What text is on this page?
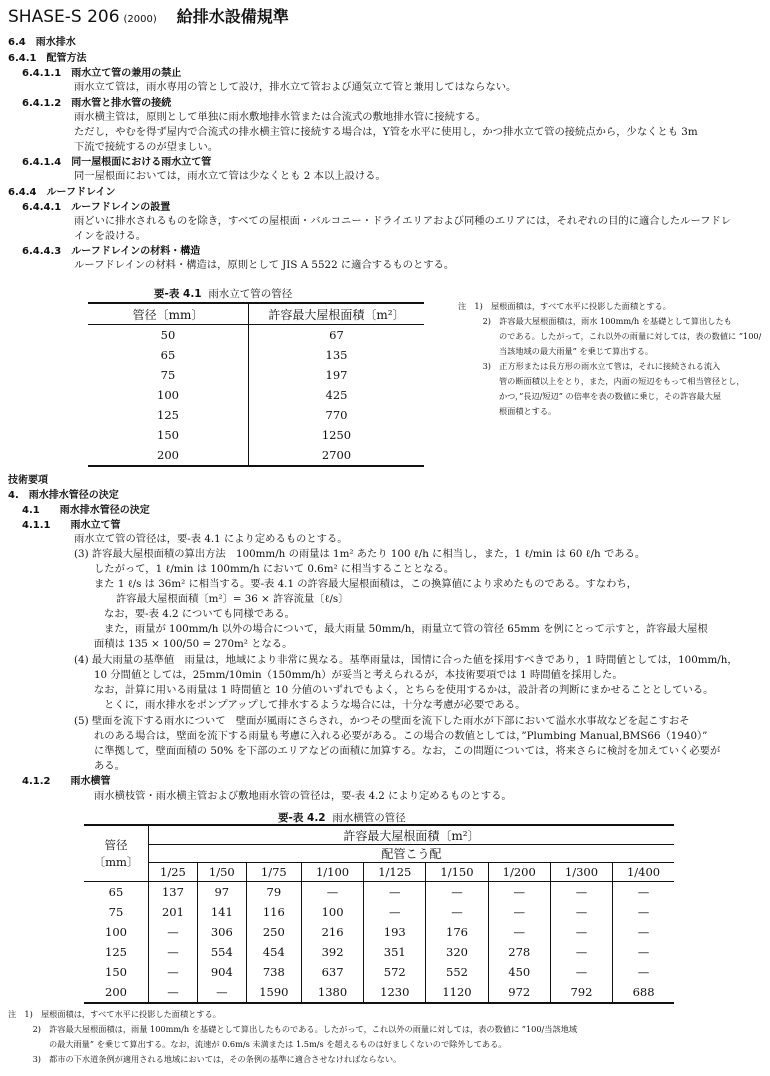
SHASE-S 206 (2000) 給排水設備規準
6.4　雨水排水
6.4.1　配管方法
6.4.1.1　雨水立て管の兼用の禁止
雨水立て管は，雨水専用の管として設け，排水立て管および通気立て管と兼用してはならない。
6.4.1.2　雨水管と排水管の接続
雨水横主管は，原則として単独に雨水敷地排水管または合流式の敷地排水管に接続する。
ただし，やむを得ず屋内で合流式の排水横主管に接続する場合は，Y管を水平に使用し，かつ排水立て管の接続点から，少なくとも 3m
下流で接続するのが望ましい。
6.4.1.4　同一屋根面における雨水立て管
同一屋根面においては，雨水立て管は少なくとも 2 本以上設ける。
6.4.4　ルーフドレイン
6.4.4.1　ルーフドレインの設置
雨どいに排水されるものを除き，すべての屋根面・バルコニー・ドライエリアおよび同種のエリアには，それぞれの目的に適合したルーフドレ
インを設ける。
6.4.4.3　ルーフドレインの材料・構造
ルーフドレインの材料・構造は，原則として JIS A 5522 に適合するものとする。
技術要項
4.　雨水排水管径の決定
4.1　　雨水排水管径の決定
4.1.1　　雨水立て管
雨水立て管の管径は，要-表 4.1 により定めるものとする。
(3) 許容最大屋根面積の算出方法　100mm/h の雨量は 1m² あたり 100 ℓ/h に相当し，また，1 ℓ/min は 60 ℓ/h である。
したがって，1 ℓ/min は 100mm/h において 0.6m² に相当することとなる。
また 1 ℓ/s は 36m² に相当する。要-表 4.1 の許容最大屋根面積は，この換算値により求めたものである。すなわち，
許容最大屋根面積〔m²〕= 36 × 許容流量〔ℓ/s〕
なお，要-表 4.2 についても同様である。
また，雨量が 100mm/h 以外の場合について，最大雨量 50mm/h，雨量立て管の管径 65mm を例にとって示すと，許容最大屋根
面積は 135 × 100/50 = 270m² となる。
(4) 最大雨量の基準値　雨量は，地域により非常に異なる。基準雨量は，国情に合った値を採用すべきであり，1 時間値としては，100mm/h，
10 分間値としては，25mm/10min（150mm/h）が妥当と考えられるが，本技術要項では 1 時間値を採用した。
なお，計算に用いる雨量は 1 時間値と 10 分値のいずれでもよく，とちらを使用するかは，設計者の判断にまかせることとしている。
とくに，雨水排水をポンプアップして排水するような場合には，十分な考慮が必要である。
(5) 壁面を流下する雨水について　壁面が風雨にさらされ，かつその壁面を流下した雨水が下部において溢水水事故などを起こすおそ
れのある場合は，壁面を流下する雨量も考慮に入れる必要がある。この場合の数値としては，”Plumbing Manual,BMS66（1940）”
に準拠して，壁面面積の 50% を下部のエリアなどの面積に加算する。なお，この問題については，将来さらに検討を加えていく必要が
ある。
4.1.2　　雨水横管
雨水横枝管・雨水横主管および敷地雨水管の管径は，要-表 4.2 により定めるものとする。
要-表 4.1 雨水立て管の管径
管径〔mm〕	許容最大屋根面積〔m²〕
50	67
65	135
75	197
100	425
125	770
150	1250
200	2700
注　1)　屋根面積は，すべて水平に投影した面積とする。
　　　2)　許容最大屋根面積は，雨水 100mm/h を基礎として算出したも
　　　　　のである。したがって，これ以外の雨量に対しては，表の数値に ”100/
　　　　　当該地域の最大雨量” を乗じて算出する。
　　　3)　正方形または長方形の雨水立て管は，それに接続される流入
　　　　　管の断面積以上をとり，また，内面の短辺をもって相当管径とし，
　　　　　かつ，”長辺/短辺” の倍率を表の数値に乗じ，その許容最大屋
　　　　　根面積とする。
要-表 4.2 雨水横管の管径
管径
〔mm〕	許容最大屋根面積〔m²〕								
	配管こう配								
	1/25	1/50	1/75	1/100	1/125	1/150	1/200	1/300	1/400
65	137	97	79	—	—	—	—	—	—
75	201	141	116	100	—	—	—	—	—
100	—	306	250	216	193	176	—	—	—
125	—	554	454	392	351	320	278	—	—
150	—	904	738	637	572	552	450	—	—
200	—	—	1590	1380	1230	1120	972	792	688
注　1)　屋根面積は，すべて水平に投影した面積とする。
　　　2)　許容最大屋根面積は，雨量 100mm/h を基礎として算出したものである。したがって，これ以外の雨量に対しては，表の数値に ”100/当該地域
　　　　　の最大雨量” を乗じて算出する。なお，流速が 0.6m/s 未満または 1.5m/s を超えるものは好ましくないので除外してある。
　　　3)　都市の下水道条例が適用される地域においては，その条例の基準に適合させなければならない。
